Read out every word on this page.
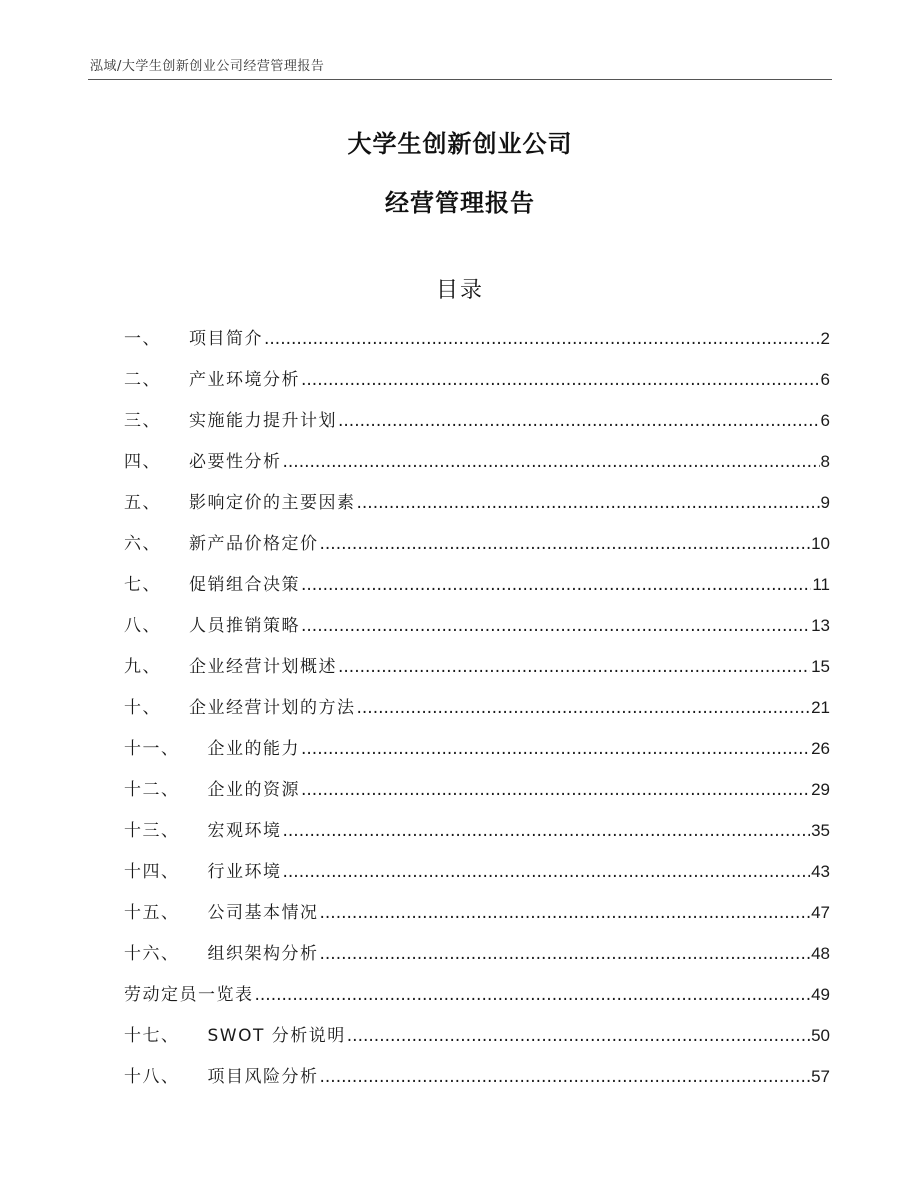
泓域/大学生创新创业公司经营管理报告
大学生创新创业公司
经营管理报告
目录
一、 项目简介 .....	2
二、 产业环境分析 .....	6
三、 实施能力提升计划 .....	6
四、 必要性分析 .....	8
五、 影响定价的主要因素 .....	9
六、 新产品价格定价 .....	10
七、 促销组合决策 .....	11
八、 人员推销策略 .....	13
九、 企业经营计划概述 .....	15
十、 企业经营计划的方法 .....	21
十一、 企业的能力 .....	26
十二、 企业的资源 .....	29
十三、 宏观环境 .....	35
十四、 行业环境 .....	43
十五、 公司基本情况 .....	47
十六、 组织架构分析 .....	48
劳动定员一览表 .....	49
十七、 SWOT 分析说明 .....	50
十八、 项目风险分析 .....	57
